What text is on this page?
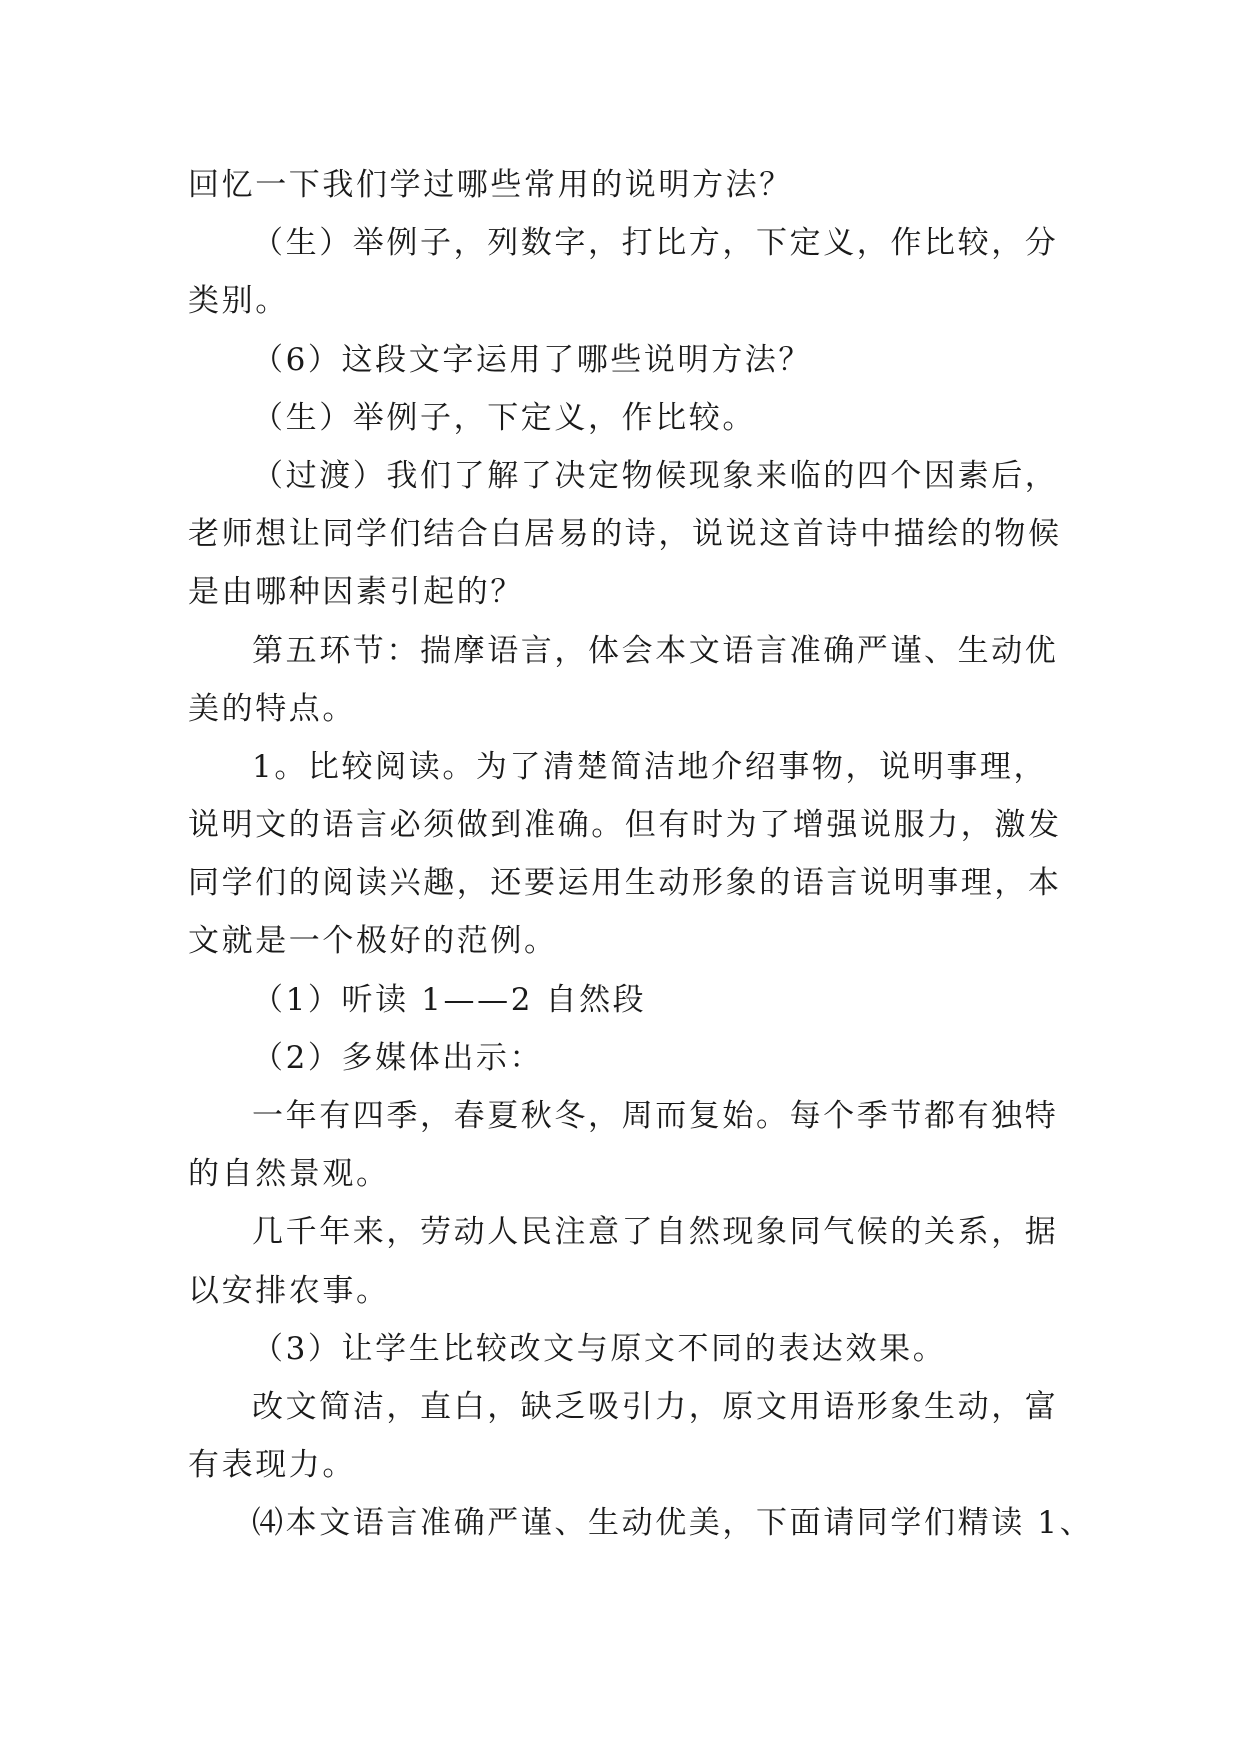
回忆一下我们学过哪些常用的说明方法？
（生）举例子，列数字，打比方，下定义，作比较，分
类别。
（6）这段文字运用了哪些说明方法？
（生）举例子，下定义，作比较。
（过渡）我们了解了决定物候现象来临的四个因素后，
老师想让同学们结合白居易的诗，说说这首诗中描绘的物候
是由哪种因素引起的？
第五环节：揣摩语言，体会本文语言准确严谨、生动优
美的特点。
1。比较阅读。为了清楚简洁地介绍事物，说明事理，
说明文的语言必须做到准确。但有时为了增强说服力，激发
同学们的阅读兴趣，还要运用生动形象的语言说明事理，本
文就是一个极好的范例。
（1）听读 1——2 自然段
（2）多媒体出示：
一年有四季，春夏秋冬，周而复始。每个季节都有独特
的自然景观。
几千年来，劳动人民注意了自然现象同气候的关系，据
以安排农事。
（3）让学生比较改文与原文不同的表达效果。
改文简洁，直白，缺乏吸引力，原文用语形象生动，富
有表现力。
⑷本文语言准确严谨、生动优美，下面请同学们精读 1、
